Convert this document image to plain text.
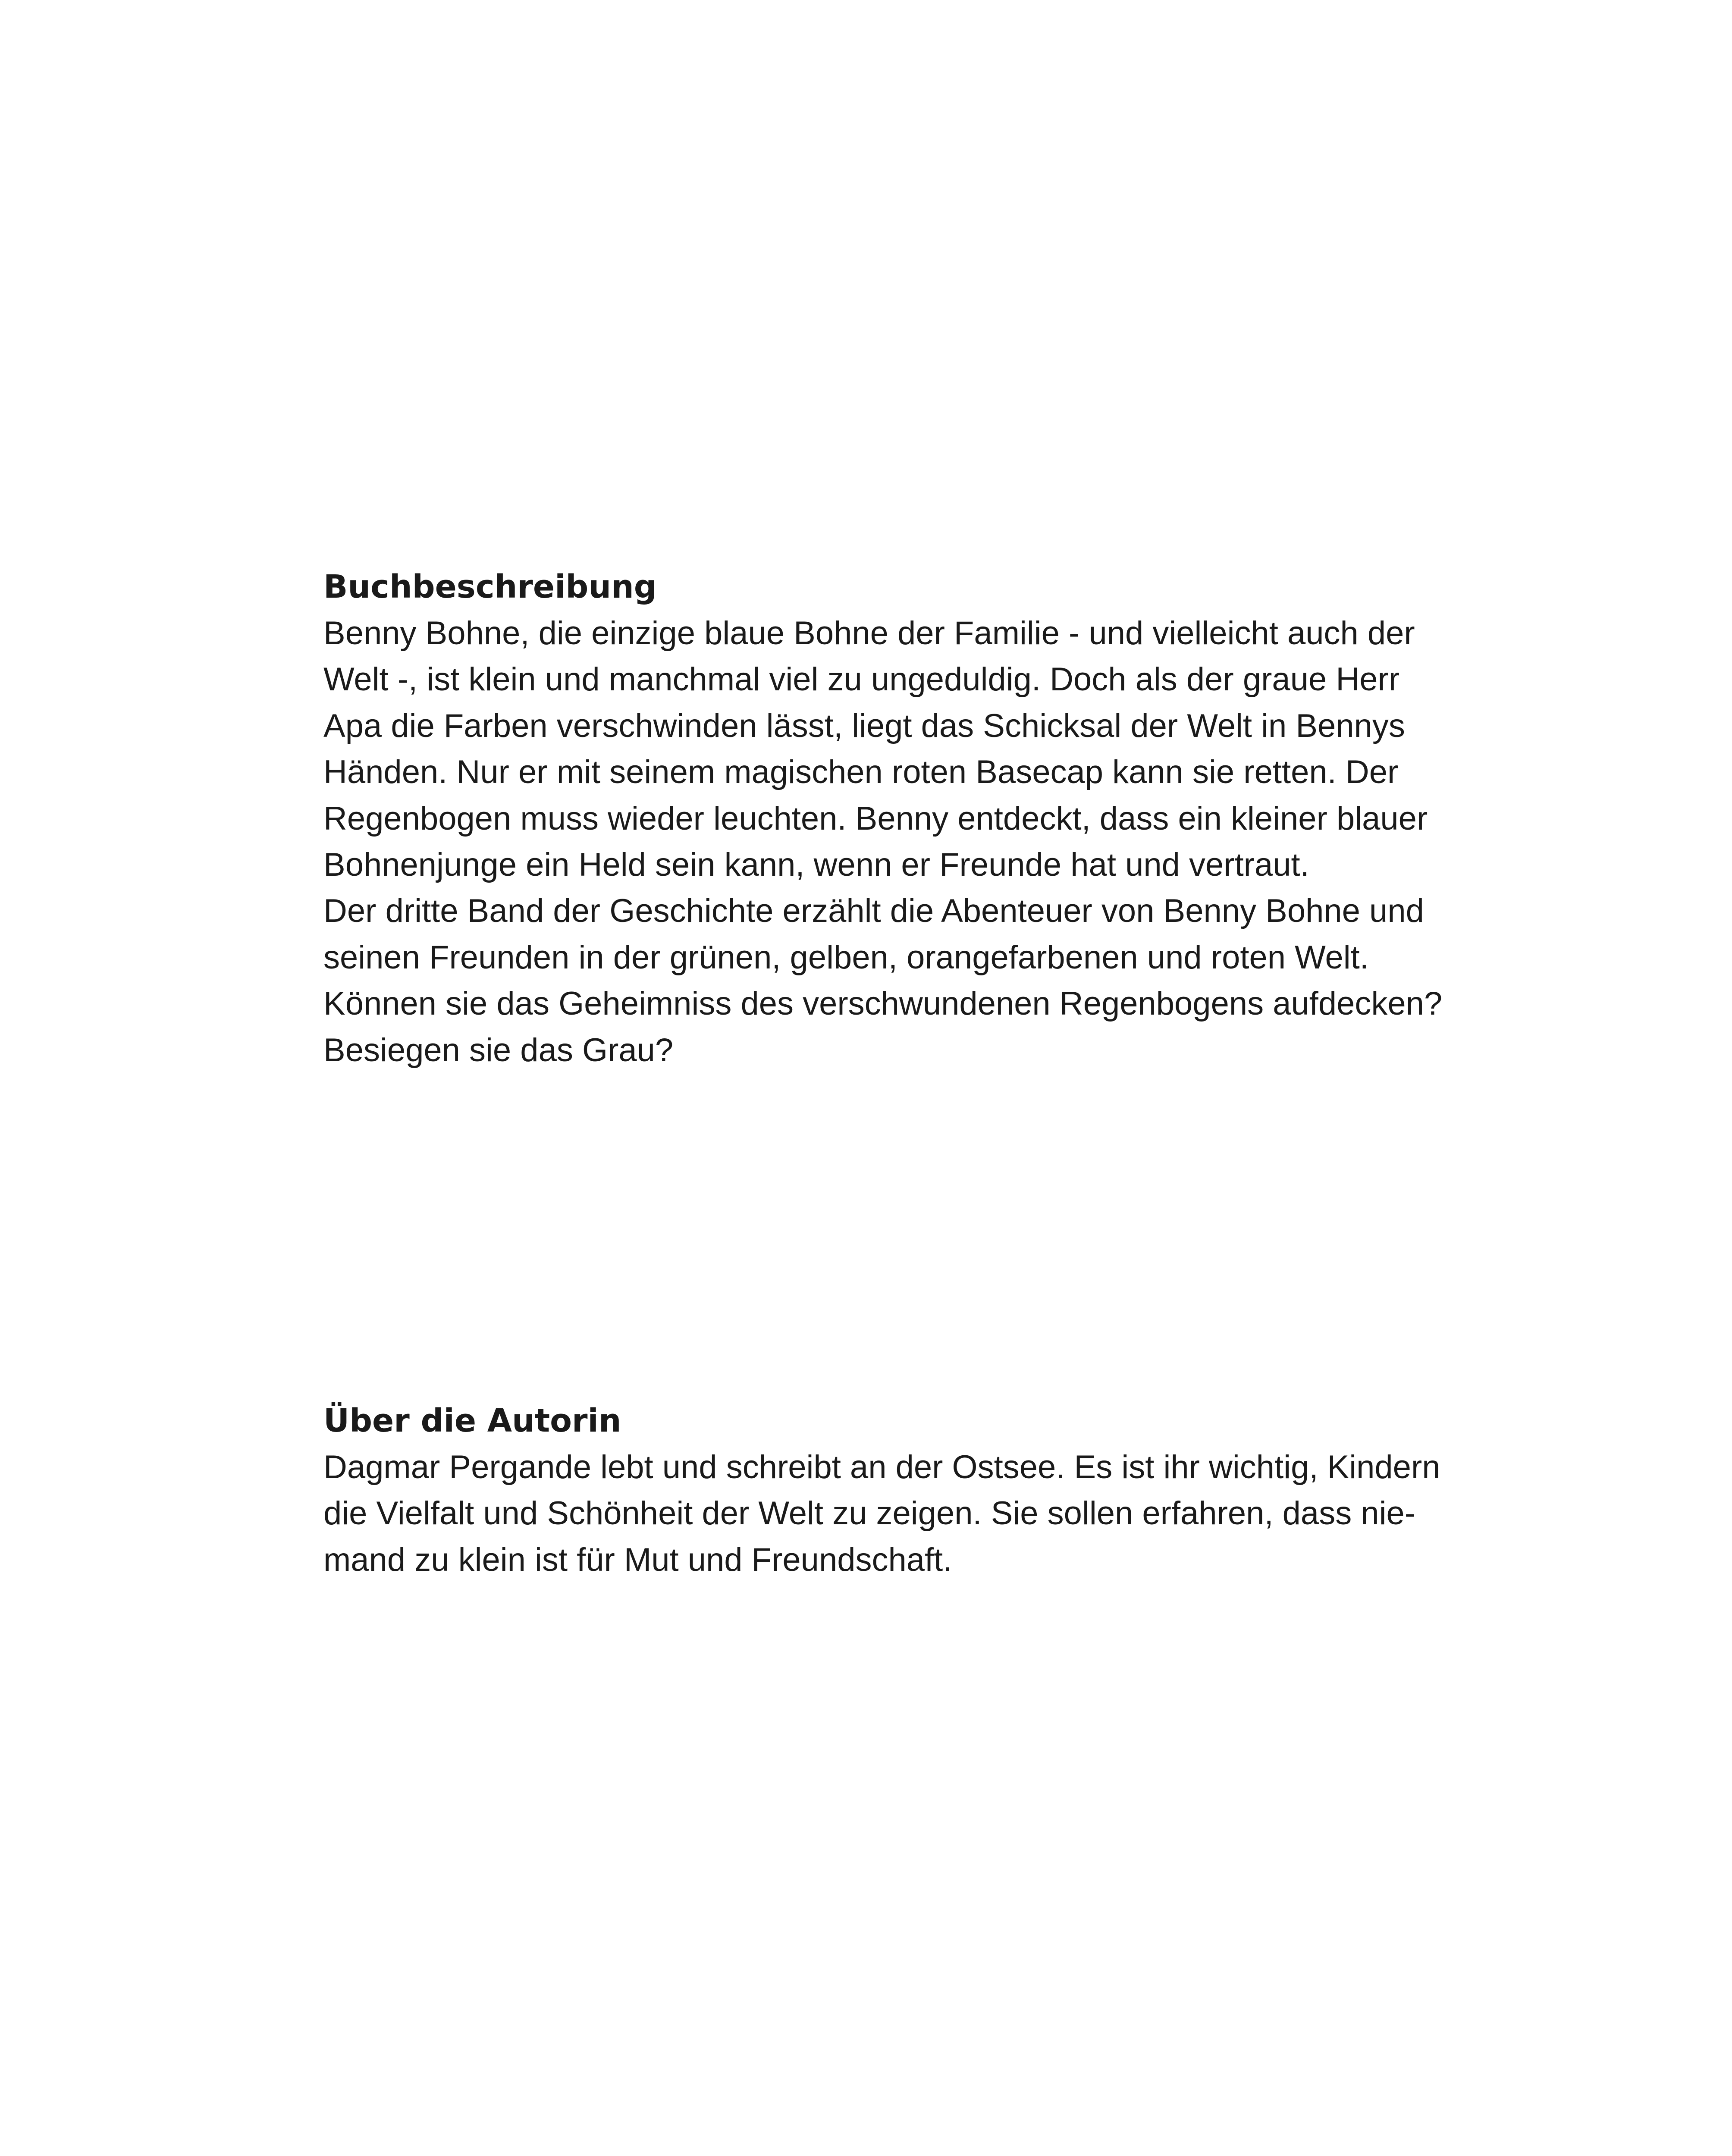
Buchbeschreibung

Benny Bohne, die einzige blaue Bohne der Familie - und vielleicht auch der

Welt -, ist klein und manchmal viel zu ungeduldig. Doch als der graue Herr

Apa die Farben verschwinden lässt, liegt das Schicksal der Welt in Bennys

Händen. Nur er mit seinem magischen roten Basecap kann sie retten. Der

Regenbogen muss wieder leuchten. Benny entdeckt, dass ein kleiner blauer

Bohnenjunge ein Held sein kann, wenn er Freunde hat und vertraut.

Der dritte Band der Geschichte erzählt die Abenteuer von Benny Bohne und

seinen Freunden in der grünen, gelben, orangefarbenen und roten Welt.

Können sie das Geheimniss des verschwundenen Regenbogens aufdecken?

Besiegen sie das Grau?

Über die Autorin

Dagmar Pergande lebt und schreibt an der Ostsee. Es ist ihr wichtig, Kindern

die Vielfalt und Schönheit der Welt zu zeigen. Sie sollen erfahren, dass nie-

mand zu klein ist für Mut und Freundschaft.
